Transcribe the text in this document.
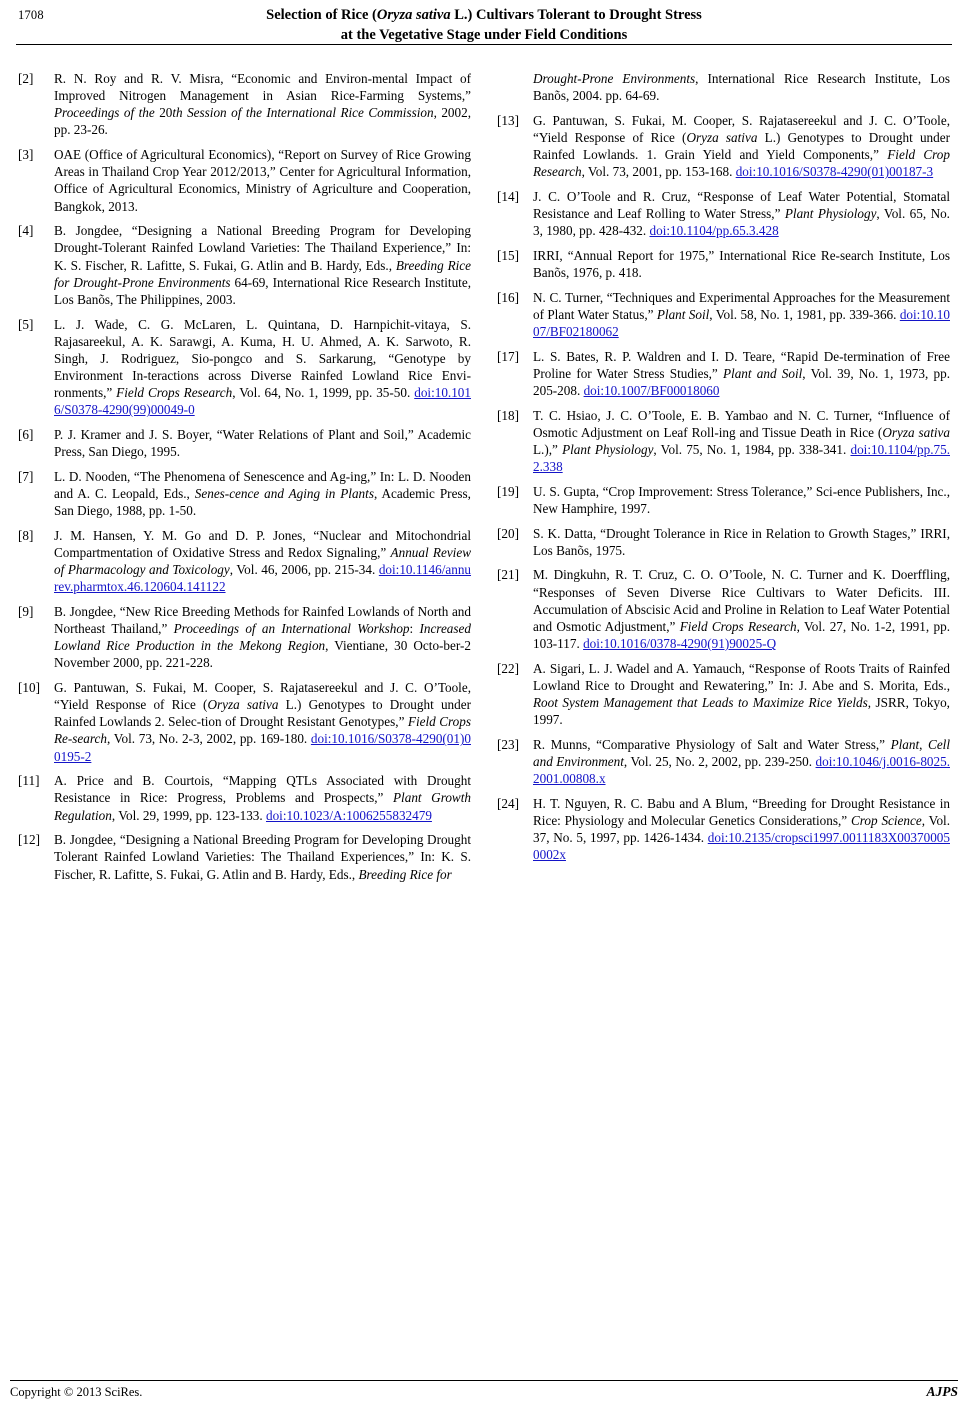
1708	Selection of Rice (Oryza sativa L.) Cultivars Tolerant to Drought Stress
at the Vegetative Stage under Field Conditions
[2]	R. N. Roy and R. V. Misra, “Economic and Environ-mental Impact of Improved Nitrogen Management in Asian Rice-Farming Systems,” Proceedings of the 20th Session of the International Rice Commission, 2002, pp. 23-26.
[3]	OAE (Office of Agricultural Economics), “Report on Survey of Rice Growing Areas in Thailand Crop Year 2012/2013,” Center for Agricultural Information, Office of Agricultural Economics, Ministry of Agriculture and Cooperation, Bangkok, 2013.
[4]	B. Jongdee, “Designing a National Breeding Program for Developing Drought-Tolerant Rainfed Lowland Varieties: The Thailand Experience,” In: K. S. Fischer, R. Lafitte, S. Fukai, G. Atlin and B. Hardy, Eds., Breeding Rice for Drought-Prone Environments 64-69, International Rice Research Institute, Los Banõs, The Philippines, 2003.
[5]	L. J. Wade, C. G. McLaren, L. Quintana, D. Harnpichit-vitaya, S. Rajasareekul, A. K. Sarawgi, A. Kuma, H. U. Ahmed, A. K. Sarwoto, R. Singh, J. Rodriguez, Sio-pongco and S. Sarkarung, “Genotype by Environment In-teractions across Diverse Rainfed Lowland Rice Envi-ronments,” Field Crops Research, Vol. 64, No. 1, 1999, pp. 35-50. doi:10.1016/S0378-4290(99)00049-0
[6]	P. J. Kramer and J. S. Boyer, “Water Relations of Plant and Soil,” Academic Press, San Diego, 1995.
[7]	L. D. Nooden, “The Phenomena of Senescence and Ag-ing,” In: L. D. Nooden and A. C. Leopald, Eds., Senes-cence and Aging in Plants, Academic Press, San Diego, 1988, pp. 1-50.
[8]	J. M. Hansen, Y. M. Go and D. P. Jones, “Nuclear and Mitochondrial Compartmentation of Oxidative Stress and Redox Signaling,” Annual Review of Pharmacology and Toxicology, Vol. 46, 2006, pp. 215-34. doi:10.1146/annurev.pharmtox.46.120604.141122
[9]	B. Jongdee, “New Rice Breeding Methods for Rainfed Lowlands of North and Northeast Thailand,” Proceedings of an International Workshop: Increased Lowland Rice Production in the Mekong Region, Vientiane, 30 Octo-ber-2 November 2000, pp. 221-228.
[10]	G. Pantuwan, S. Fukai, M. Cooper, S. Rajatasereekul and J. C. O’Toole, “Yield Response of Rice (Oryza sativa L.) Genotypes to Drought under Rainfed Lowlands 2. Selec-tion of Drought Resistant Genotypes,” Field Crops Re-search, Vol. 73, No. 2-3, 2002, pp. 169-180. doi:10.1016/S0378-4290(01)00195-2
[11]	A. Price and B. Courtois, “Mapping QTLs Associated with Drought Resistance in Rice: Progress, Problems and Prospects,” Plant Growth Regulation, Vol. 29, 1999, pp. 123-133. doi:10.1023/A:1006255832479
[12]	B. Jongdee, “Designing a National Breeding Program for Developing Drought Tolerant Rainfed Lowland Varieties: The Thailand Experiences,” In: K. S. Fischer, R. Lafitte, S. Fukai, G. Atlin and B. Hardy, Eds., Breeding Rice for
Drought-Prone Environments, International Rice Research Institute, Los Banõs, 2004. pp. 64-69.
[13]	G. Pantuwan, S. Fukai, M. Cooper, S. Rajatasereekul and J. C. O’Toole, “Yield Response of Rice (Oryza sativa L.) Genotypes to Drought under Rainfed Lowlands. 1. Grain Yield and Yield Components,” Field Crop Research, Vol. 73, 2001, pp. 153-168. doi:10.1016/S0378-4290(01)00187-3
[14]	J. C. O’Toole and R. Cruz, “Response of Leaf Water Potential, Stomatal Resistance and Leaf Rolling to Water Stress,” Plant Physiology, Vol. 65, No. 3, 1980, pp. 428-432. doi:10.1104/pp.65.3.428
[15]	IRRI, “Annual Report for 1975,” International Rice Re-search Institute, Los Banõs, 1976, p. 418.
[16]	N. C. Turner, “Techniques and Experimental Approaches for the Measurement of Plant Water Status,” Plant Soil, Vol. 58, No. 1, 1981, pp. 339-366. doi:10.1007/BF02180062
[17]	L. S. Bates, R. P. Waldren and I. D. Teare, “Rapid De-termination of Free Proline for Water Stress Studies,” Plant and Soil, Vol. 39, No. 1, 1973, pp. 205-208. doi:10.1007/BF00018060
[18]	T. C. Hsiao, J. C. O’Toole, E. B. Yambao and N. C. Turner, “Influence of Osmotic Adjustment on Leaf Roll-ing and Tissue Death in Rice (Oryza sativa L.),” Plant Physiology, Vol. 75, No. 1, 1984, pp. 338-341. doi:10.1104/pp.75.2.338
[19]	U. S. Gupta, “Crop Improvement: Stress Tolerance,” Sci-ence Publishers, Inc., New Hamphire, 1997.
[20]	S. K. Datta, “Drought Tolerance in Rice in Relation to Growth Stages,” IRRI, Los Banõs, 1975.
[21]	M. Dingkuhn, R. T. Cruz, C. O. O’Toole, N. C. Turner and K. Doerffling, “Responses of Seven Diverse Rice Cultivars to Water Deficits. III. Accumulation of Abscisic Acid and Proline in Relation to Leaf Water Potential and Osmotic Adjustment,” Field Crops Research, Vol. 27, No. 1-2, 1991, pp. 103-117. doi:10.1016/0378-4290(91)90025-Q
[22]	A. Sigari, L. J. Wadel and A. Yamauch, “Response of Roots Traits of Rainfed Lowland Rice to Drought and Rewatering,” In: J. Abe and S. Morita, Eds., Root System Management that Leads to Maximize Rice Yields, JSRR, Tokyo, 1997.
[23]	R. Munns, “Comparative Physiology of Salt and Water Stress,” Plant, Cell and Environment, Vol. 25, No. 2, 2002, pp. 239-250. doi:10.1046/j.0016-8025.2001.00808.x
[24]	H. T. Nguyen, R. C. Babu and A Blum, “Breeding for Drought Resistance in Rice: Physiology and Molecular Genetics Considerations,” Crop Science, Vol. 37, No. 5, 1997, pp. 1426-1434. doi:10.2135/cropsci1997.0011183X003700050002x
Copyright © 2013 SciRes.	AJPS
